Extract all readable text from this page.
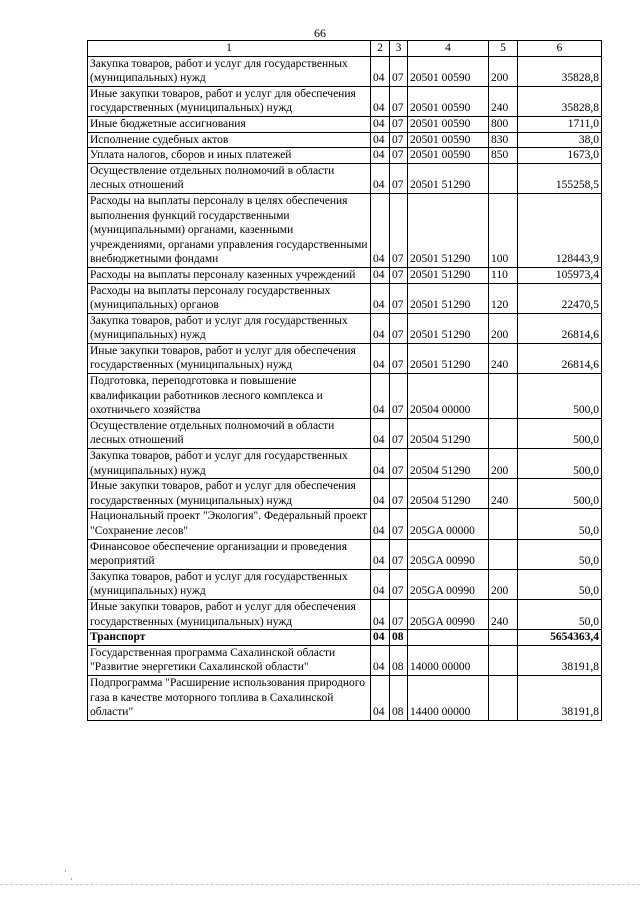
66
1	2	3	4	5	6
Закупка товаров, работ и услуг для государственных (муниципальных) нужд	04	07	20501 00590	200	35828,8
Иные закупки товаров, работ и услуг для обеспечения государственных (муниципальных) нужд	04	07	20501 00590	240	35828,8
Иные бюджетные ассигнования	04	07	20501 00590	800	1711,0
Исполнение судебных актов	04	07	20501 00590	830	38,0
Уплата налогов, сборов и иных платежей	04	07	20501 00590	850	1673,0
Осуществление отдельных полномочий в области лесных отношений	04	07	20501 51290		155258,5
Расходы на выплаты персоналу в целях обеспечения выполнения функций государственными (муниципальными) органами, казенными учреждениями, органами управления государственными внебюджетными фондами	04	07	20501 51290	100	128443,9
Расходы на выплаты персоналу казенных учреждений	04	07	20501 51290	110	105973,4
Расходы на выплаты персоналу государственных (муниципальных) органов	04	07	20501 51290	120	22470,5
Закупка товаров, работ и услуг для государственных (муниципальных) нужд	04	07	20501 51290	200	26814,6
Иные закупки товаров, работ и услуг для обеспечения государственных (муниципальных) нужд	04	07	20501 51290	240	26814,6
Подготовка, переподготовка и повышение квалификации работников лесного комплекса и охотничьего хозяйства	04	07	20504 00000		500,0
Осуществление отдельных полномочий в области лесных отношений	04	07	20504 51290		500,0
Закупка товаров, работ и услуг для государственных (муниципальных) нужд	04	07	20504 51290	200	500,0
Иные закупки товаров, работ и услуг для обеспечения государственных (муниципальных) нужд	04	07	20504 51290	240	500,0
Национальный проект "Экология". Федеральный проект "Сохранение лесов"	04	07	205GA 00000		50,0
Финансовое обеспечение организации и проведения мероприятий	04	07	205GA 00990		50,0
Закупка товаров, работ и услуг для государственных (муниципальных) нужд	04	07	205GA 00990	200	50,0
Иные закупки товаров, работ и услуг для обеспечения государственных (муниципальных) нужд	04	07	205GA 00990	240	50,0
Транспорт	04	08			5654363,4
Государственная программа Сахалинской области "Развитие энергетики Сахалинской области"	04	08	14000 00000		38191,8
Подпрограмма "Расширение использования природного газа в качестве моторного топлива в Сахалинской области"	04	08	14400 00000		38191,8
·
·
